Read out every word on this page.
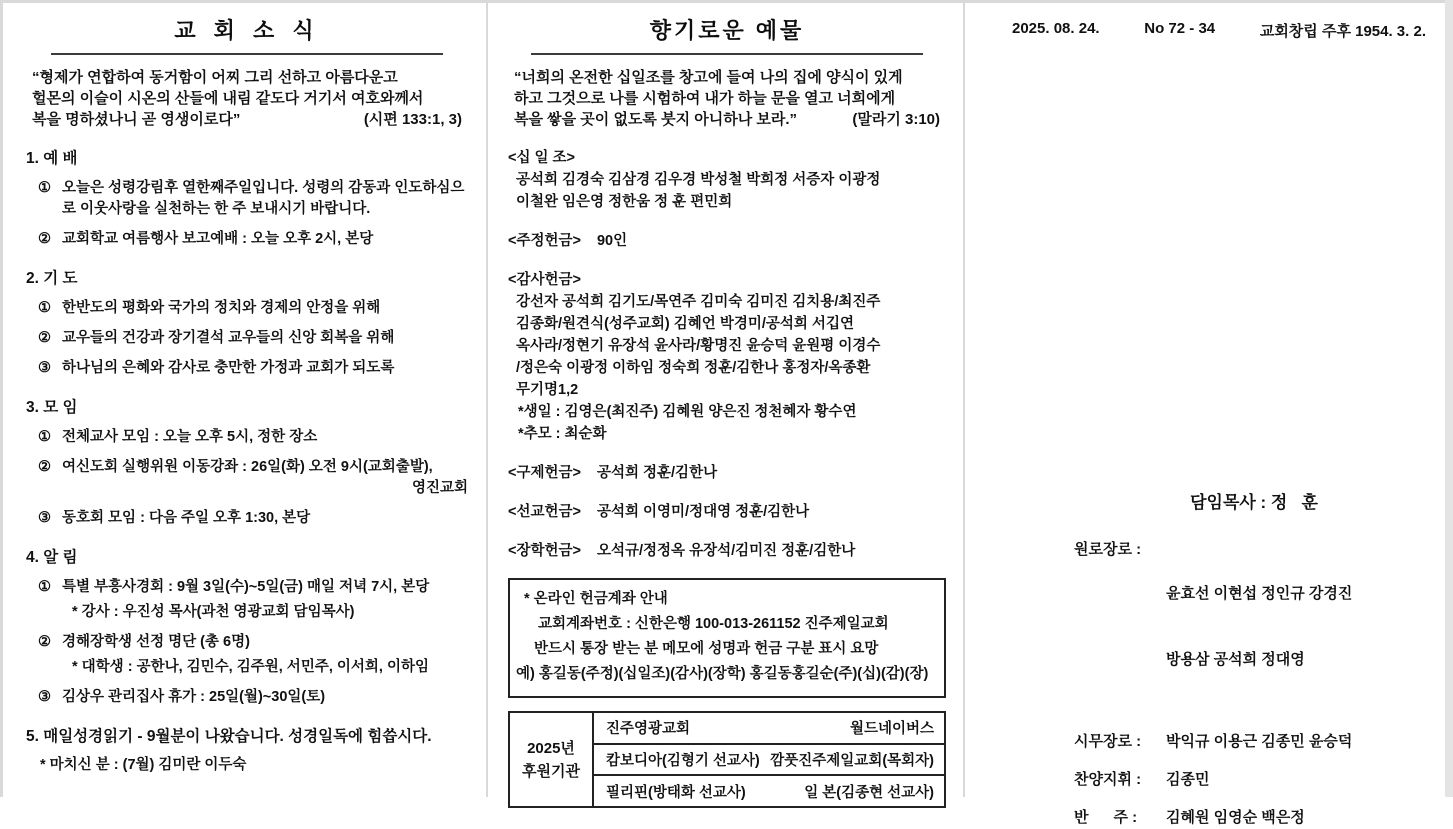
교 회 소 식
“형제가 연합하여 동거함이 어찌 그리 선하고 아름다운고
헐몬의 이슬이 시온의 산들에 내림 같도다 거기서 여호와께서
복을 명하셨나니 곧 영생이로다”	(시편 133:1, 3)
1. 예 배
① 오늘은 성령강림후 열한째주일입니다. 성령의 감동과 인도하심으로 이웃사랑을 실천하는 한 주 보내시기 바랍니다.
② 교회학교 여름행사 보고예배 : 오늘 오후 2시, 본당
2. 기 도
① 한반도의 평화와 국가의 정치와 경제의 안정을 위해
② 교우들의 건강과 장기결석 교우들의 신앙 회복을 위해
③ 하나님의 은혜와 감사로 충만한 가정과 교회가 되도록
3. 모 임
① 전체교사 모임 : 오늘 오후 5시, 정한 장소
② 여신도회 실행위원 이동강좌 : 26일(화) 오전 9시(교회출발),
영진교회
③ 동호회 모임 : 다음 주일 오후 1:30, 본당
4. 알 림
① 특별 부흥사경회 : 9월 3일(수)~5일(금) 매일 저녁 7시, 본당
* 강사 : 우진성 목사(과천 영광교회 담임목사)
② 경해장학생 선정 명단 (총 6명)
* 대학생 : 공한나, 김민수, 김주원, 서민주, 이서희, 이하임
③ 김상우 관리집사 휴가 : 25일(월)~30일(토)
5. 매일성경읽기 - 9월분이 나왔습니다. 성경일독에 힘씁시다.
* 마치신 분 : (7월) 김미란 이두숙
향기로운 예물
“너희의 온전한 십일조를 창고에 들여 나의 집에 양식이 있게
하고 그것으로 나를 시험하여 내가 하늘 문을 열고 너희에게
복을 쌓을 곳이 없도록 붓지 아니하나 보라.”	(말라기 3:10)
<십 일 조>
공석희 김경숙 김삼경 김우경 박성철 박희정 서증자 이광정
이철완 임은영 정한움 정 훈 편민희
<주정헌금> 90인
<감사헌금>
강선자 공석희 김기도/목연주 김미숙 김미진 김치용/최진주
김종화/원견식(성주교회) 김혜언 박경미/공석희 서깁연
옥사라/정현기 유장석 윤사라/황명진 윤승덕 윤원평 이경수
/정은숙 이광정 이하임 정숙희 정훈/김한나 홍정자/옥종환
무기명1,2
*생일 : 김영은(최진주) 김혜원 양은진 정천혜자 황수연
*추모 : 최순화
<구제헌금> 공석희 정훈/김한나
<선교헌금> 공석희 이영미/정대영 정훈/김한나
<장학헌금> 오석규/정정옥 유장석/김미진 정훈/김한나
* 온라인 헌금계좌 안내
교회계좌번호 : 신한은행 100-013-261152 진주제일교회
반드시 통장 받는 분 메모에 성명과 헌금 구분 표시 요망
예) 홍길동(주정)(십일조)(감사)(장학) 홍길동홍길순(주)(십)(감)(장)
2025년
후원기관
진주영광교회	월드네이버스
캄보디아(김형기 선교사) 깜풋진주제일교회(목회자)
필리핀(방태화 선교사)	일 본(김종현 선교사)
2025. 08. 24.	No 72 - 34	교회창립 주후 1954. 3. 2.
담임목사 : 정   훈
원로장로 :

윤효선 이현섭 정인규 강경진

방용삼 공석희 정대영

시무장로 :	박익규 이용근 김종민 윤승덕
찬양지휘 :	김종민
반      주 :	김혜원 임영순 백은정
